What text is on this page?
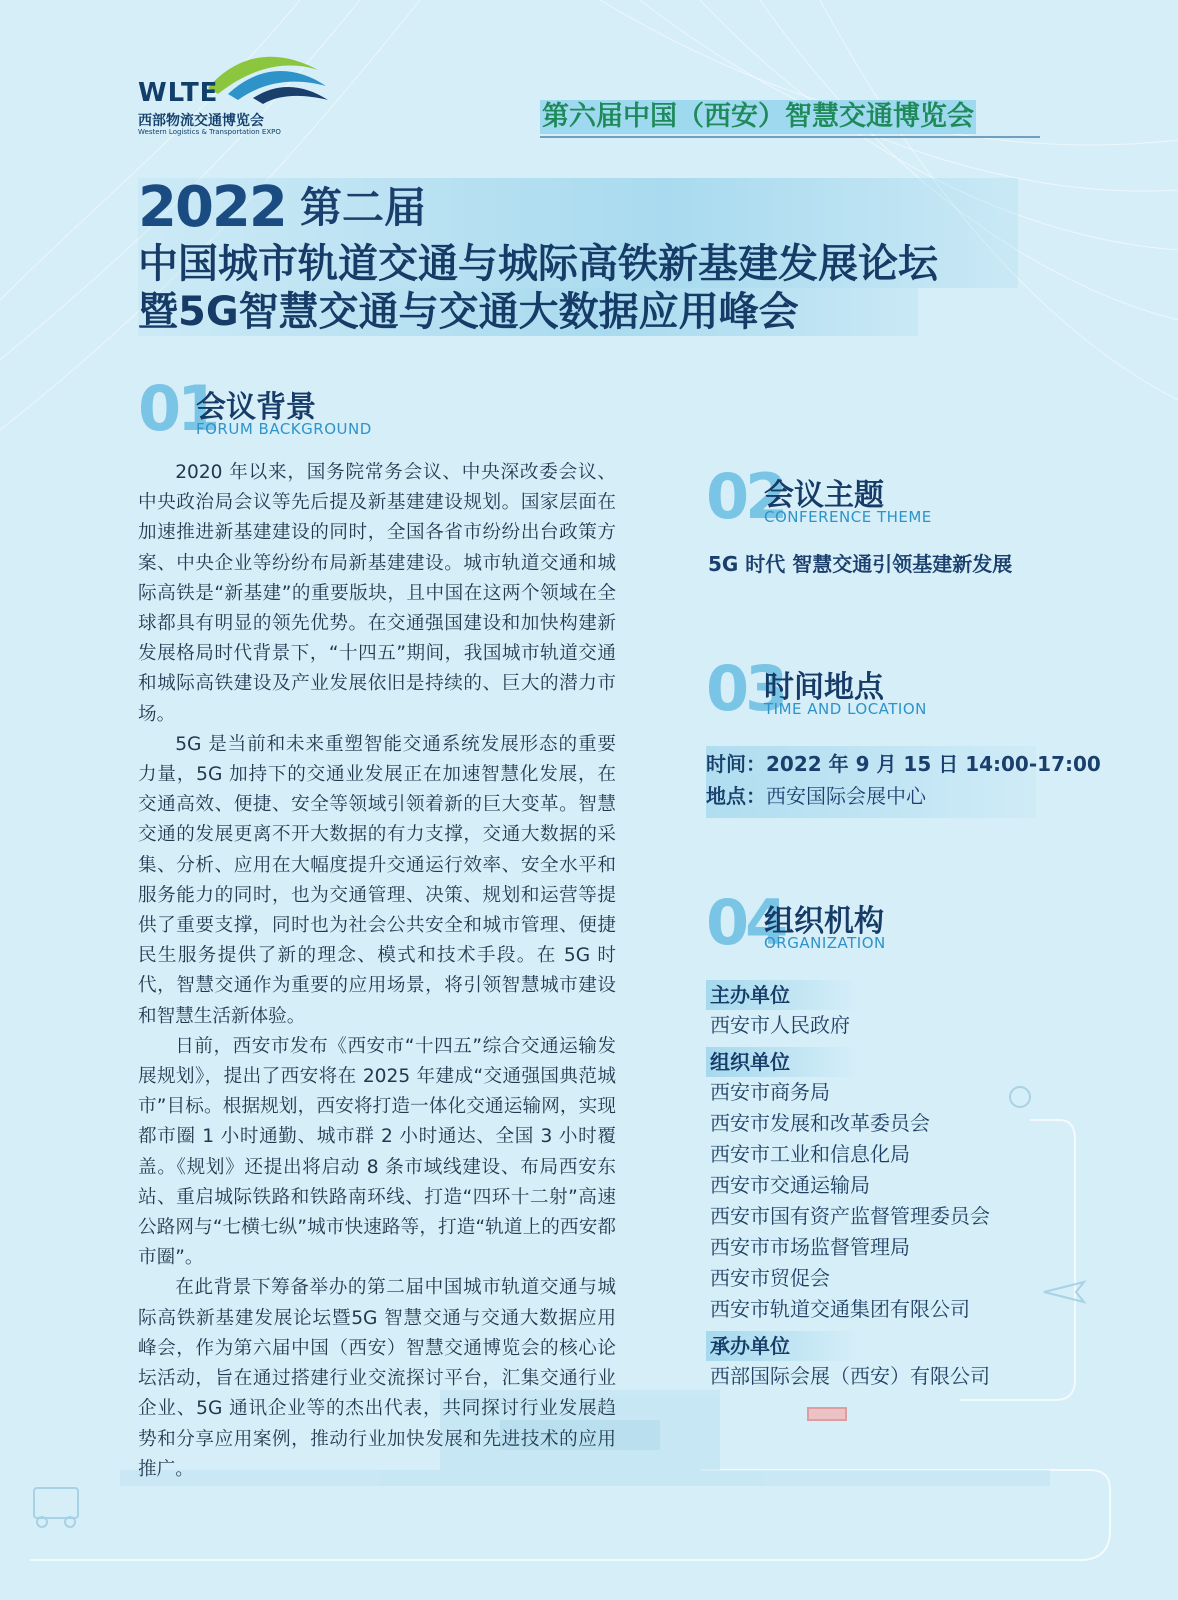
WLTE
西部物流交通博览会
Western Logistics & Transportation EXPO	第六届中国（西安）智慧交通博览会
2022 第二届
中国城市轨道交通与城际高铁新基建发展论坛
暨5G智慧交通与交通大数据应用峰会
01
会议背景
FORUM BACKGROUND

2020 年以来，国务院常务会议、中央深改委会议、中央政治局会议等先后提及新基建建设规划。国家层面在加速推进新基建建设的同时，全国各省市纷纷出台政策方案、中央企业等纷纷布局新基建建设。城市轨道交通和城际高铁是“新基建”的重要版块，且中国在这两个领域在全球都具有明显的领先优势。在交通强国建设和加快构建新发展格局时代背景下，“十四五”期间，我国城市轨道交通和城际高铁建设及产业发展依旧是持续的、巨大的潜力市场。

5G 是当前和未来重塑智能交通系统发展形态的重要力量，5G 加持下的交通业发展正在加速智慧化发展，在交通高效、便捷、安全等领域引领着新的巨大变革。智慧交通的发展更离不开大数据的有力支撑，交通大数据的采集、分析、应用在大幅度提升交通运行效率、安全水平和服务能力的同时，也为交通管理、决策、规划和运营等提供了重要支撑，同时也为社会公共安全和城市管理、便捷民生服务提供了新的理念、模式和技术手段。在 5G 时代，智慧交通作为重要的应用场景，将引领智慧城市建设和智慧生活新体验。

日前，西安市发布《西安市“十四五”综合交通运输发展规划》，提出了西安将在 2025 年建成“交通强国典范城市”目标。根据规划，西安将打造一体化交通运输网，实现都市圈 1 小时通勤、城市群 2 小时通达、全国 3 小时覆盖。《规划》还提出将启动 8 条市域线建设、布局西安东站、重启城际铁路和铁路南环线、打造“四环十二射”高速公路网与“七横七纵”城市快速路等，打造“轨道上的西安都市圈”。

在此背景下筹备举办的第二届中国城市轨道交通与城际高铁新基建发展论坛暨5G 智慧交通与交通大数据应用峰会，作为第六届中国（西安）智慧交通博览会的核心论坛活动，旨在通过搭建行业交流探讨平台，汇集交通行业企业、5G 通讯企业等的杰出代表，共同探讨行业发展趋势和分享应用案例，推动行业加快发展和先进技术的应用推广。

02
会议主题
CONFERENCE THEME
5G 时代 智慧交通引领基建新发展
03
时间地点
TIME AND LOCATION
时间：2022 年 9 月 15 日 14:00-17:00
地点：西安国际会展中心
04
组织机构
ORGANIZATION
主办单位
西安市人民政府
组织单位
西安市商务局
西安市发展和改革委员会
西安市工业和信息化局
西安市交通运输局
西安市国有资产监督管理委员会
西安市市场监督管理局
西安市贸促会
西安市轨道交通集团有限公司
承办单位
西部国际会展（西安）有限公司
